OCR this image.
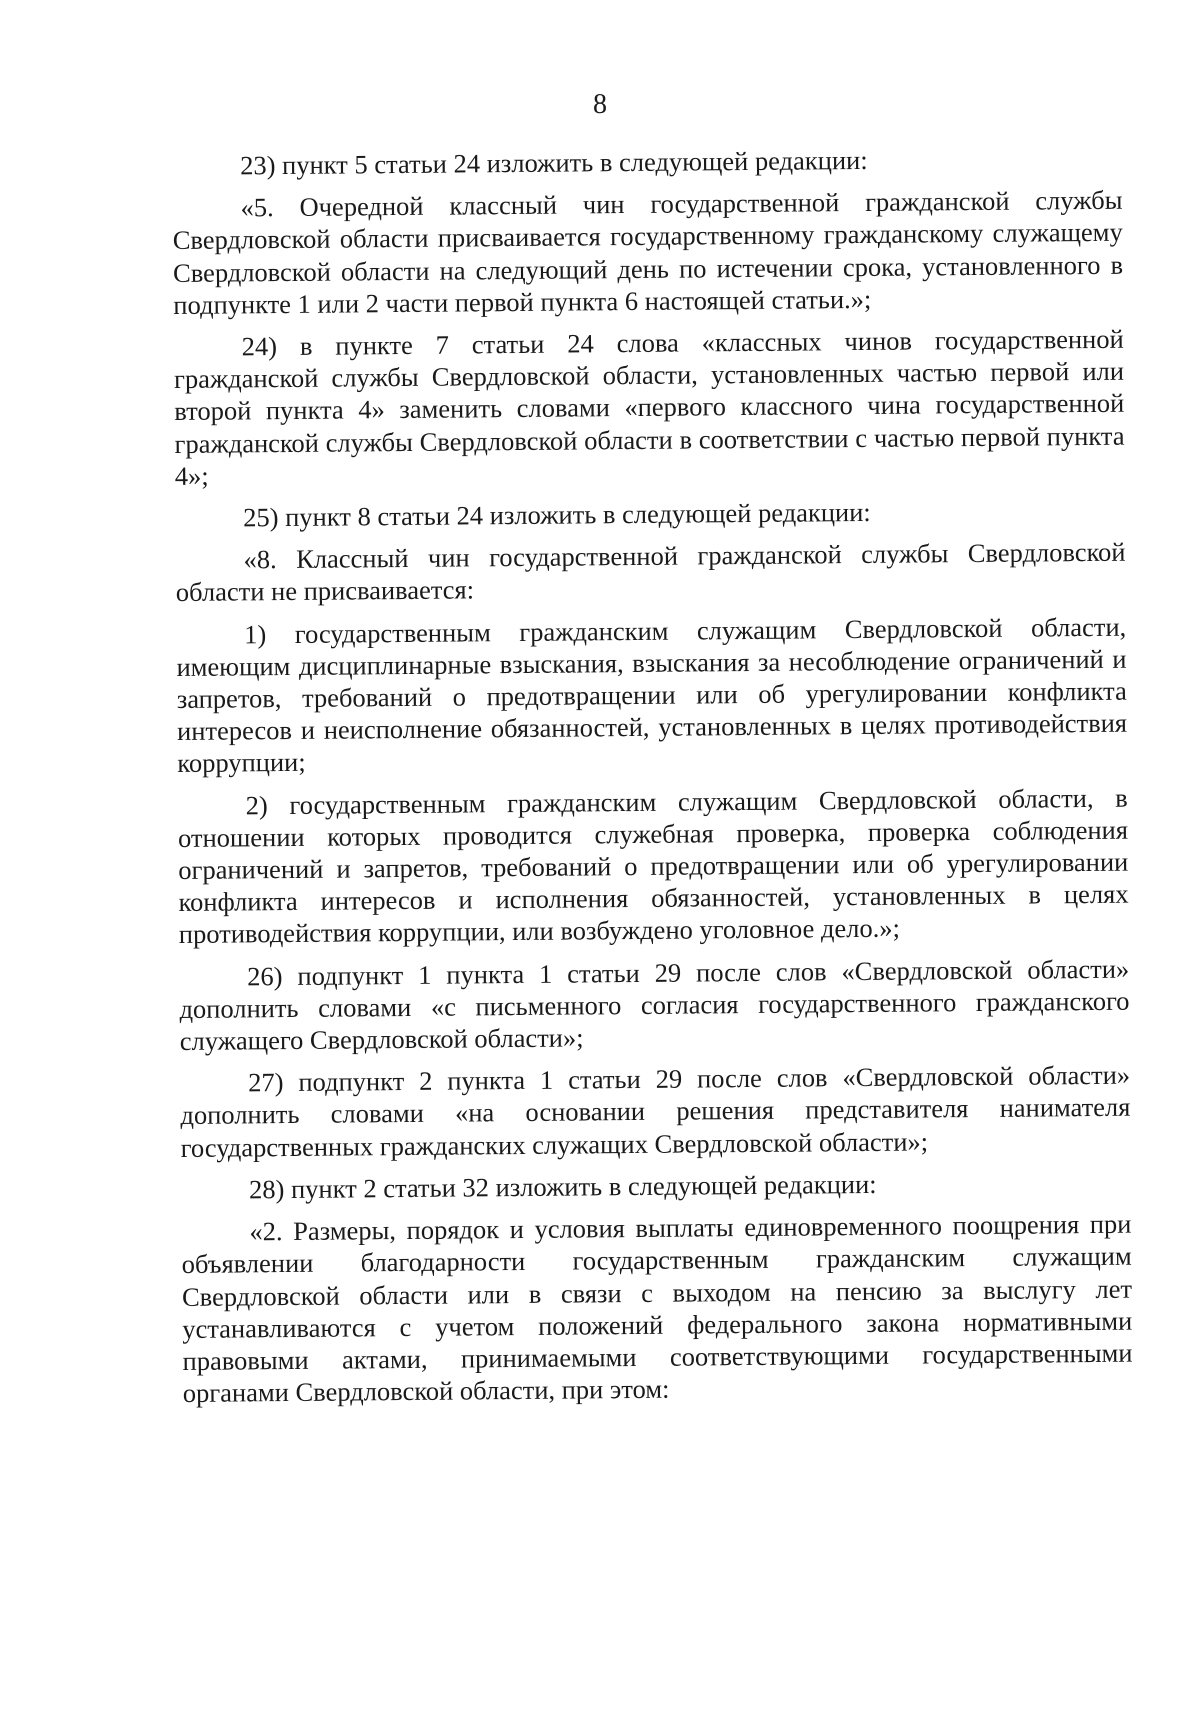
8

23) пункт 5 статьи 24 изложить в следующей редакции:

«5. Очередной классный чин государственной гражданской службы Свердловской области присваивается государственному гражданскому служащему Свердловской области на следующий день по истечении срока, установленного в подпункте 1 или 2 части первой пункта 6 настоящей статьи.»;

24) в пункте 7 статьи 24 слова «классных чинов государственной гражданской службы Свердловской области, установленных частью первой или второй пункта 4» заменить словами «первого классного чина государственной гражданской службы Свердловской области в соответствии с частью первой пункта 4»;

25) пункт 8 статьи 24 изложить в следующей редакции:

«8. Классный чин государственной гражданской службы Свердловской области не присваивается:

1) государственным гражданским служащим Свердловской области, имеющим дисциплинарные взыскания, взыскания за несоблюдение ограничений и запретов, требований о предотвращении или об урегулировании конфликта интересов и неисполнение обязанностей, установленных в целях противодействия коррупции;

2) государственным гражданским служащим Свердловской области, в отношении которых проводится служебная проверка, проверка соблюдения ограничений и запретов, требований о предотвращении или об урегулировании конфликта интересов и исполнения обязанностей, установленных в целях противодействия коррупции, или возбуждено уголовное дело.»;

26) подпункт 1 пункта 1 статьи 29 после слов «Свердловской области» дополнить словами «с письменного согласия государственного гражданского служащего Свердловской области»;

27) подпункт 2 пункта 1 статьи 29 после слов «Свердловской области» дополнить словами «на основании решения представителя нанимателя государственных гражданских служащих Свердловской области»;

28) пункт 2 статьи 32 изложить в следующей редакции:

«2. Размеры, порядок и условия выплаты единовременного поощрения при объявлении благодарности государственным гражданским служащим Свердловской области или в связи с выходом на пенсию за выслугу лет устанавливаются с учетом положений федерального закона нормативными правовыми актами, принимаемыми соответствующими государственными органами Свердловской области, при этом:
